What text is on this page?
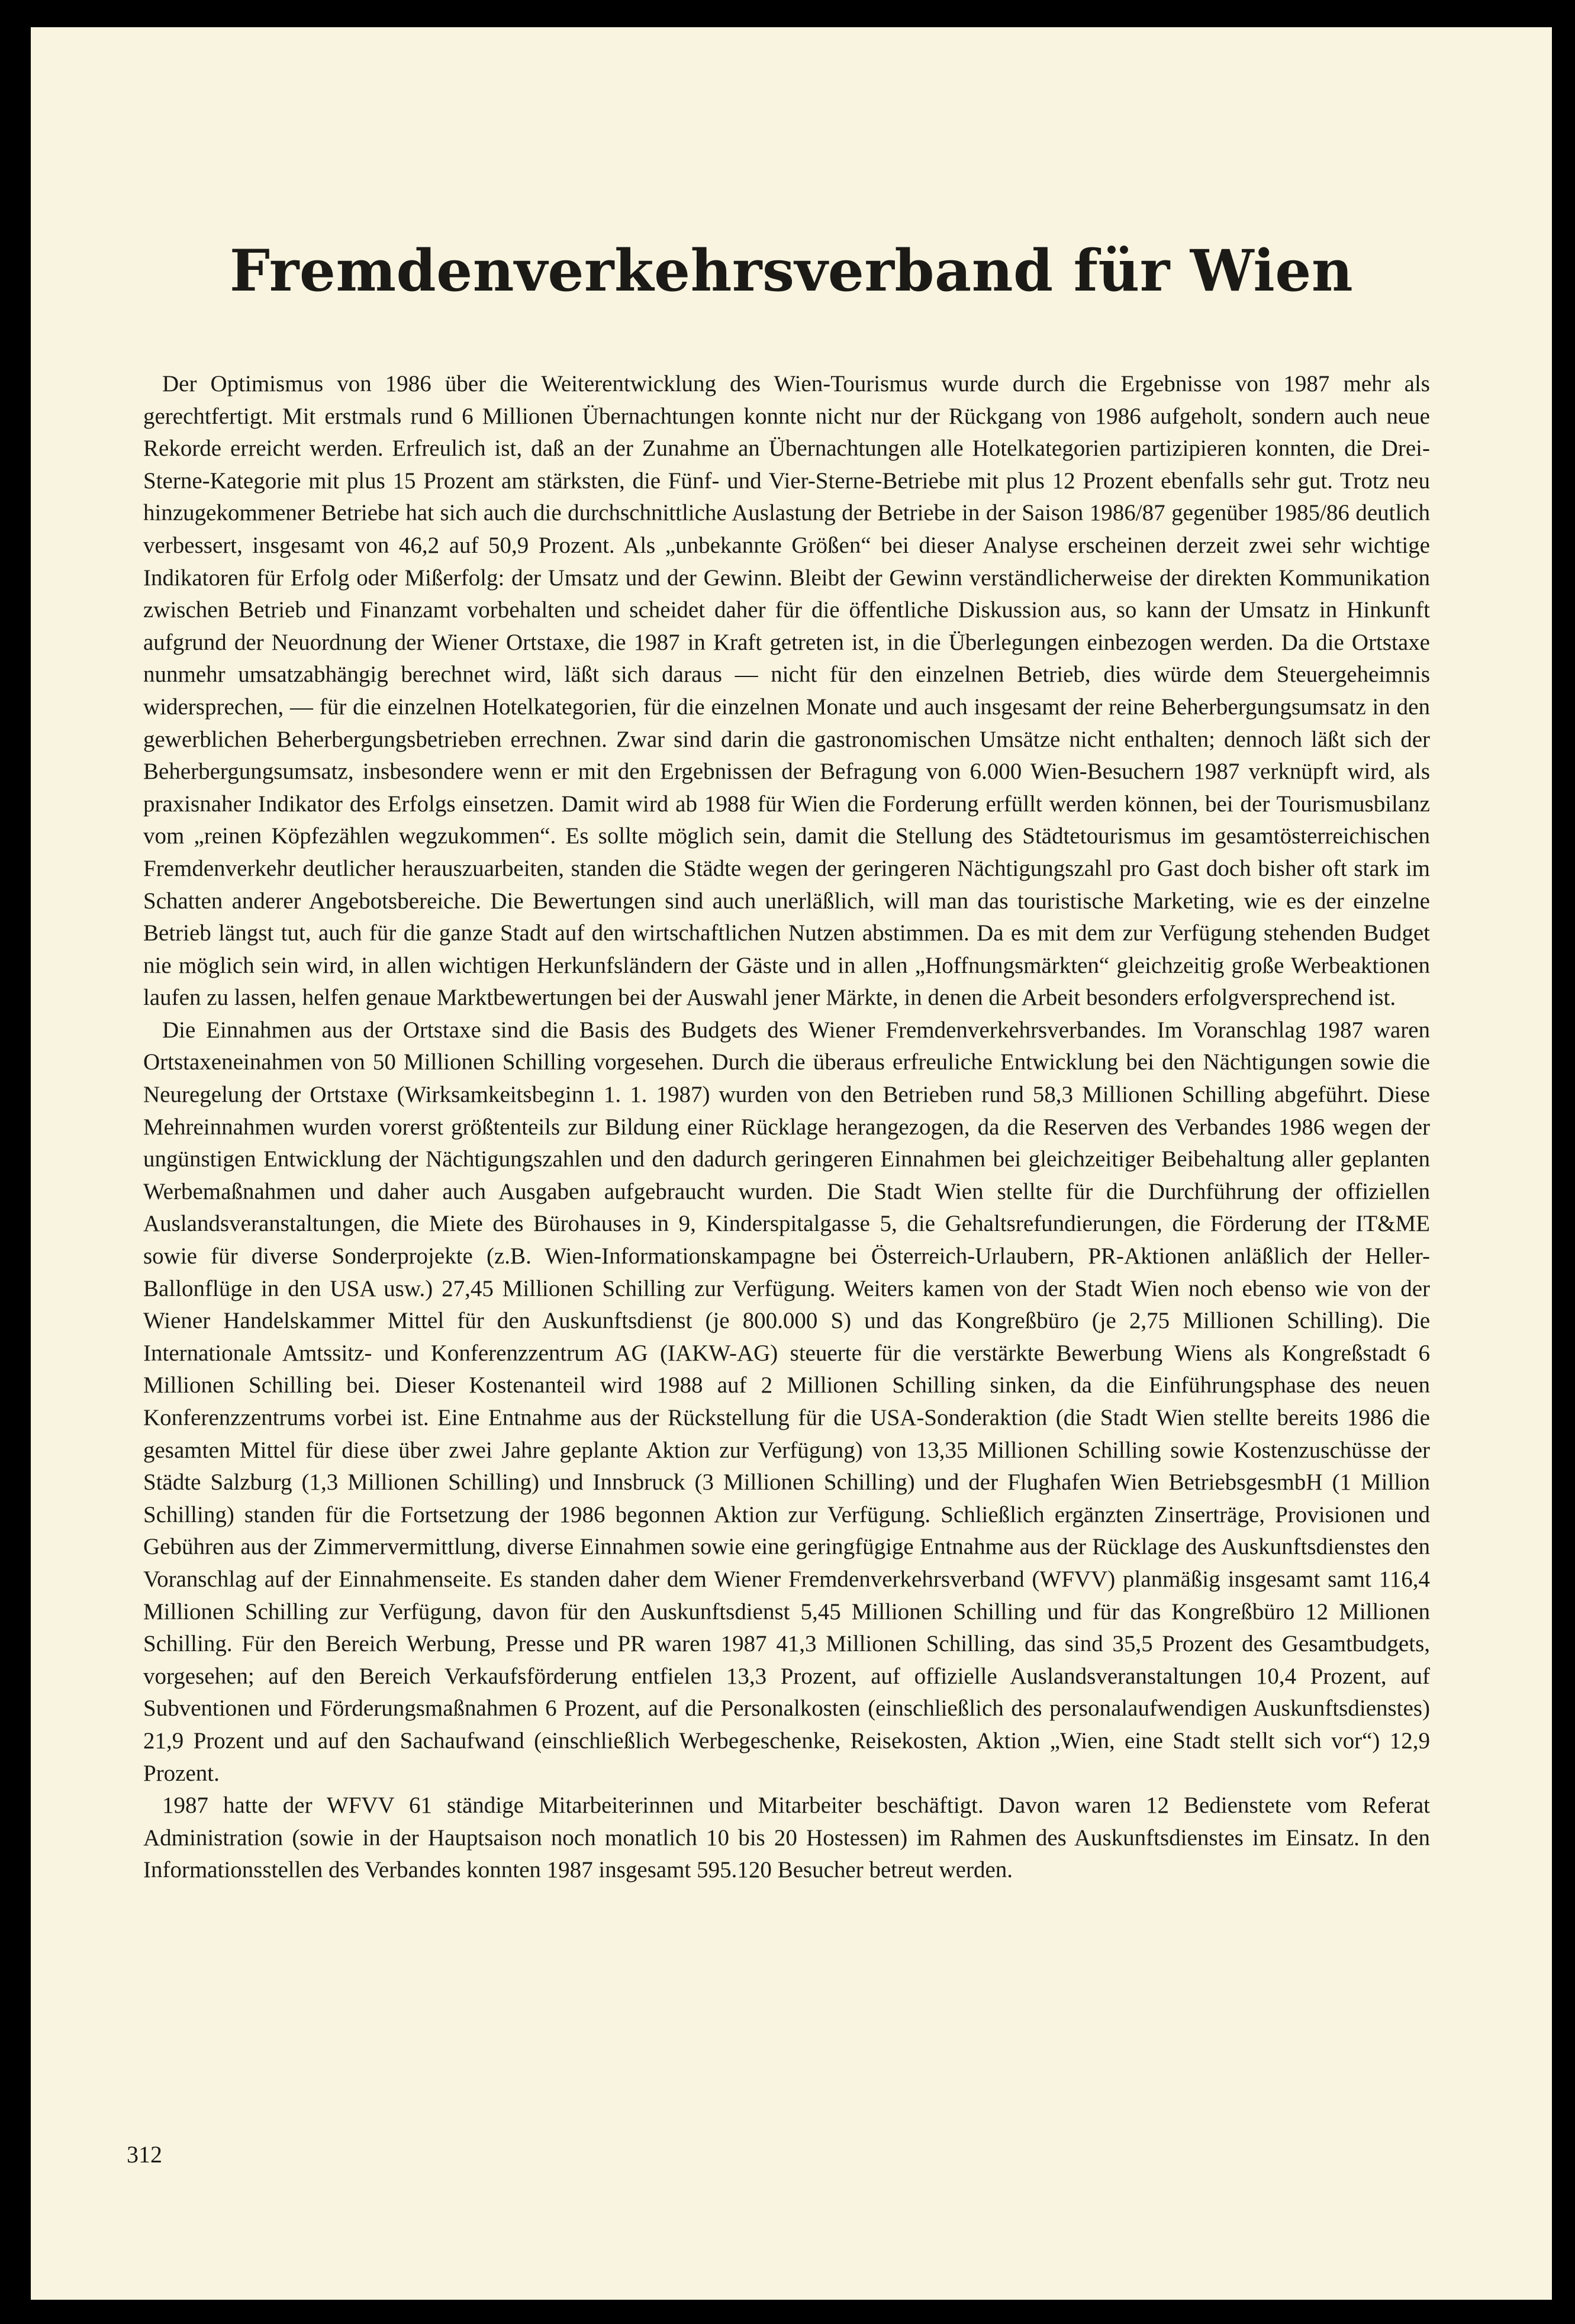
Fremdenverkehrsverband für Wien

Der Optimismus von 1986 über die Weiterentwicklung des Wien-Tourismus wurde durch die Ergebnisse von 1987 mehr als gerechtfertigt. Mit erstmals rund 6 Millionen Übernachtungen konnte nicht nur der Rückgang von 1986 aufgeholt, sondern auch neue Rekorde erreicht werden. Erfreulich ist, daß an der Zunahme an Übernachtungen alle Hotelkategorien partizipieren konnten, die Drei-Sterne-Kategorie mit plus 15 Prozent am stärksten, die Fünf- und Vier-Sterne-Betriebe mit plus 12 Prozent ebenfalls sehr gut. Trotz neu hinzugekommener Betriebe hat sich auch die durchschnittliche Auslastung der Betriebe in der Saison 1986/87 gegenüber 1985/86 deutlich verbessert, insgesamt von 46,2 auf 50,9 Prozent. Als „unbekannte Größen“ bei dieser Analyse erscheinen derzeit zwei sehr wichtige Indikatoren für Erfolg oder Mißerfolg: der Umsatz und der Gewinn. Bleibt der Gewinn verständlicherweise der direkten Kommunikation zwischen Betrieb und Finanzamt vorbehalten und scheidet daher für die öffentliche Diskussion aus, so kann der Umsatz in Hinkunft aufgrund der Neuordnung der Wiener Ortstaxe, die 1987 in Kraft getreten ist, in die Überlegungen einbezogen werden. Da die Ortstaxe nunmehr umsatzabhängig berechnet wird, läßt sich daraus — nicht für den einzelnen Betrieb, dies würde dem Steuergeheimnis widersprechen, — für die einzelnen Hotelkategorien, für die einzelnen Monate und auch insgesamt der reine Beherbergungsumsatz in den gewerblichen Beherbergungsbetrieben errechnen. Zwar sind darin die gastronomischen Umsätze nicht enthalten; dennoch läßt sich der Beherbergungsumsatz, insbesondere wenn er mit den Ergebnissen der Befragung von 6.000 Wien-Besuchern 1987 verknüpft wird, als praxisnaher Indikator des Erfolgs einsetzen. Damit wird ab 1988 für Wien die Forderung erfüllt werden können, bei der Tourismusbilanz vom „reinen Köpfezählen wegzukommen“. Es sollte möglich sein, damit die Stellung des Städtetourismus im gesamtösterreichischen Fremdenverkehr deutlicher herauszuarbeiten, standen die Städte wegen der geringeren Nächtigungszahl pro Gast doch bisher oft stark im Schatten anderer Angebotsbereiche. Die Bewertungen sind auch unerläßlich, will man das touristische Marketing, wie es der einzelne Betrieb längst tut, auch für die ganze Stadt auf den wirtschaftlichen Nutzen abstimmen. Da es mit dem zur Verfügung stehenden Budget nie möglich sein wird, in allen wichtigen Herkunfsländern der Gäste und in allen „Hoffnungsmärkten“ gleichzeitig große Werbeaktionen laufen zu lassen, helfen genaue Marktbewertungen bei der Auswahl jener Märkte, in denen die Arbeit besonders erfolgversprechend ist.

Die Einnahmen aus der Ortstaxe sind die Basis des Budgets des Wiener Fremdenverkehrsverbandes. Im Voranschlag 1987 waren Ortstaxeneinahmen von 50 Millionen Schilling vorgesehen. Durch die überaus erfreuliche Entwicklung bei den Nächtigungen sowie die Neuregelung der Ortstaxe (Wirksamkeitsbeginn 1. 1. 1987) wurden von den Betrieben rund 58,3 Millionen Schilling abgeführt. Diese Mehreinnahmen wurden vorerst größtenteils zur Bildung einer Rücklage herangezogen, da die Reserven des Verbandes 1986 wegen der ungünstigen Entwicklung der Nächtigungszahlen und den dadurch geringeren Einnahmen bei gleichzeitiger Beibehaltung aller geplanten Werbemaßnahmen und daher auch Ausgaben aufgebraucht wurden. Die Stadt Wien stellte für die Durchführung der offiziellen Auslandsveranstaltungen, die Miete des Bürohauses in 9, Kinderspitalgasse 5, die Gehaltsrefundierungen, die Förderung der IT&ME sowie für diverse Sonderprojekte (z.B. Wien-Informationskampagne bei Österreich-Urlaubern, PR-Aktionen anläßlich der Heller-Ballonflüge in den USA usw.) 27,45 Millionen Schilling zur Verfügung. Weiters kamen von der Stadt Wien noch ebenso wie von der Wiener Handelskammer Mittel für den Auskunftsdienst (je 800.000 S) und das Kongreßbüro (je 2,75 Millionen Schilling). Die Internationale Amtssitz- und Konferenzzentrum AG (IAKW-AG) steuerte für die verstärkte Bewerbung Wiens als Kongreßstadt 6 Millionen Schilling bei. Dieser Kostenanteil wird 1988 auf 2 Millionen Schilling sinken, da die Einführungsphase des neuen Konferenzzentrums vorbei ist. Eine Entnahme aus der Rückstellung für die USA-Sonderaktion (die Stadt Wien stellte bereits 1986 die gesamten Mittel für diese über zwei Jahre geplante Aktion zur Verfügung) von 13,35 Millionen Schilling sowie Kostenzuschüsse der Städte Salzburg (1,3 Millionen Schilling) und Innsbruck (3 Millionen Schilling) und der Flughafen Wien BetriebsgesmbH (1 Million Schilling) standen für die Fortsetzung der 1986 begonnen Aktion zur Verfügung. Schließlich ergänzten Zinserträge, Provisionen und Gebühren aus der Zimmervermittlung, diverse Einnahmen sowie eine geringfügige Entnahme aus der Rücklage des Auskunftsdienstes den Voranschlag auf der Einnahmenseite. Es standen daher dem Wiener Fremdenverkehrsverband (WFVV) planmäßig insgesamt samt 116,4 Millionen Schilling zur Verfügung, davon für den Auskunftsdienst 5,45 Millionen Schilling und für das Kongreßbüro 12 Millionen Schilling. Für den Bereich Werbung, Presse und PR waren 1987 41,3 Millionen Schilling, das sind 35,5 Prozent des Gesamtbudgets, vorgesehen; auf den Bereich Verkaufsförderung entfielen 13,3 Prozent, auf offizielle Auslandsveranstaltungen 10,4 Prozent, auf Subventionen und Förderungsmaßnahmen 6 Prozent, auf die Personalkosten (einschließlich des personalaufwendigen Auskunftsdienstes) 21,9 Prozent und auf den Sachaufwand (einschließlich Werbegeschenke, Reisekosten, Aktion „Wien, eine Stadt stellt sich vor“) 12,9 Prozent.

1987 hatte der WFVV 61 ständige Mitarbeiterinnen und Mitarbeiter beschäftigt. Davon waren 12 Bedienstete vom Referat Administration (sowie in der Hauptsaison noch monatlich 10 bis 20 Hostessen) im Rahmen des Auskunftsdienstes im Einsatz. In den Informationsstellen des Verbandes konnten 1987 insgesamt 595.120 Besucher betreut werden.

312
